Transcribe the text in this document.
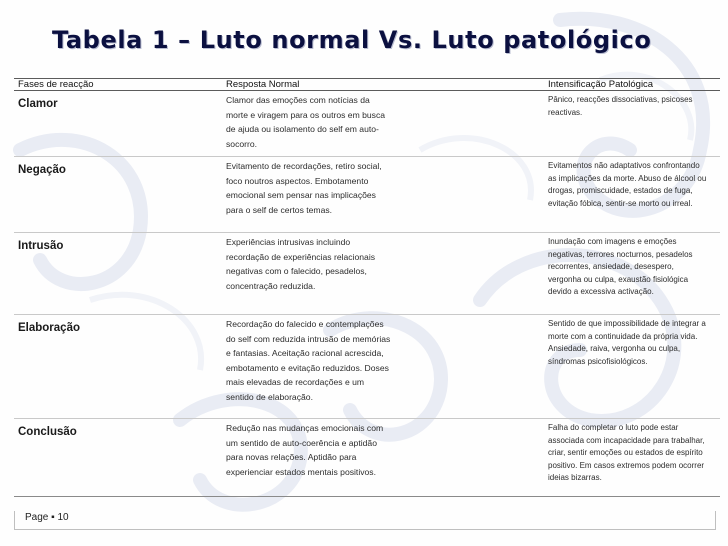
Tabela 1 – Luto normal Vs. Luto patológico
Fases de reacção	Resposta Normal	Intensificação Patológica
Clamor	Clamor das emoções com notícias da morte e viragem para os outros em busca de ajuda ou isolamento do self em auto-socorro.	Pânico, reacções dissociativas, psicoses reactivas.

Negação	Evitamento de recordações, retiro social, foco noutros aspectos. Embotamento emocional sem pensar nas implicações para o self de certos temas.	Evitamentos não adaptativos confrontando as implicações da morte. Abuso de álcool ou drogas, promiscuidade, estados de fuga, evitação fóbica, sentir-se morto ou irreal.

Intrusão	Experiências intrusivas incluindo recordação de experiências relacionais negativas com o falecido, pesadelos, concentração reduzida.	Inundação com imagens e emoções negativas, terrores nocturnos, pesadelos recorrentes, ansiedade, desespero, vergonha ou culpa, exaustão fisiológica devido a excessiva activação.

Elaboração	Recordação do falecido e contemplações do self com reduzida intrusão de memórias e fantasias. Aceitação racional acrescida, embotamento e evitação reduzidos. Doses mais elevadas de recordações e um sentido de elaboração.	Sentido de que impossibilidade de integrar a morte com a continuidade da própria vida. Ansiedade, raiva, vergonha ou culpa, síndromas psicofisiológicos.

Conclusão	Redução nas mudanças emocionais com um sentido de auto-coerência e aptidão para novas relações. Aptidão para experienciar estados mentais positivos.	Falha do completar o luto pode estar associada com incapacidade para trabalhar, criar, sentir emoções ou estados de espírito positivo. Em casos extremos podem ocorrer ideias bizarras.
Page ▪ 10
